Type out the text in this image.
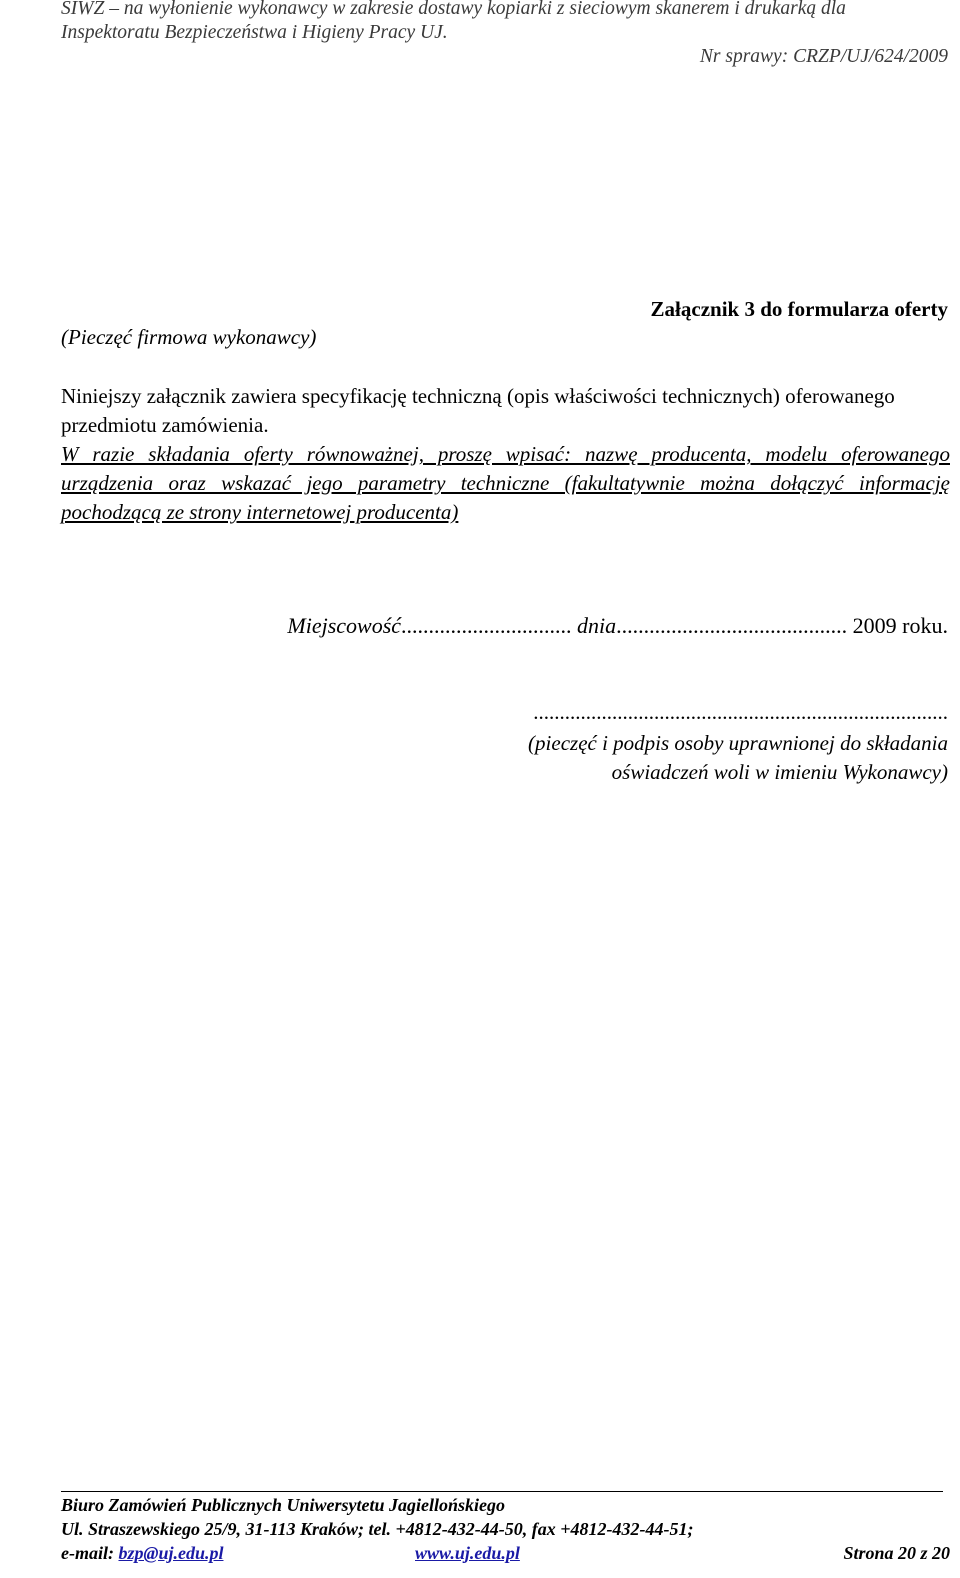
SIWZ – na wyłonienie wykonawcy w zakresie dostawy kopiarki z sieciowym skanerem i drukarką dla
Inspektoratu Bezpieczeństwa i Higieny Pracy UJ.
Nr sprawy: CRZP/UJ/624/2009
(Pieczęć firmowa wykonawcy)
Załącznik 3 do formularza oferty
Niniejszy załącznik zawiera specyfikację techniczną (opis właściwości technicznych) oferowanego przedmiotu zamówienia.
W razie składania oferty równoważnej, proszę wpisać: nazwę producenta, modelu oferowanego urządzenia oraz wskazać jego parametry techniczne (fakultatywnie można dołączyć informację pochodzącą ze strony internetowej producenta)
Miejscowość............................... dnia.......................................... 2009 roku.
...............................................................................
(pieczęć i podpis osoby uprawnionej do składania oświadczeń woli w imieniu Wykonawcy)
Biuro Zamówień Publicznych Uniwersytetu Jagiellońskiego
Ul. Straszewskiego 25/9, 31-113 Kraków; tel. +4812-432-44-50, fax +4812-432-44-51;
e-mail: bzp@uj.edu.pl	www.uj.edu.pl	Strona 20 z 20
